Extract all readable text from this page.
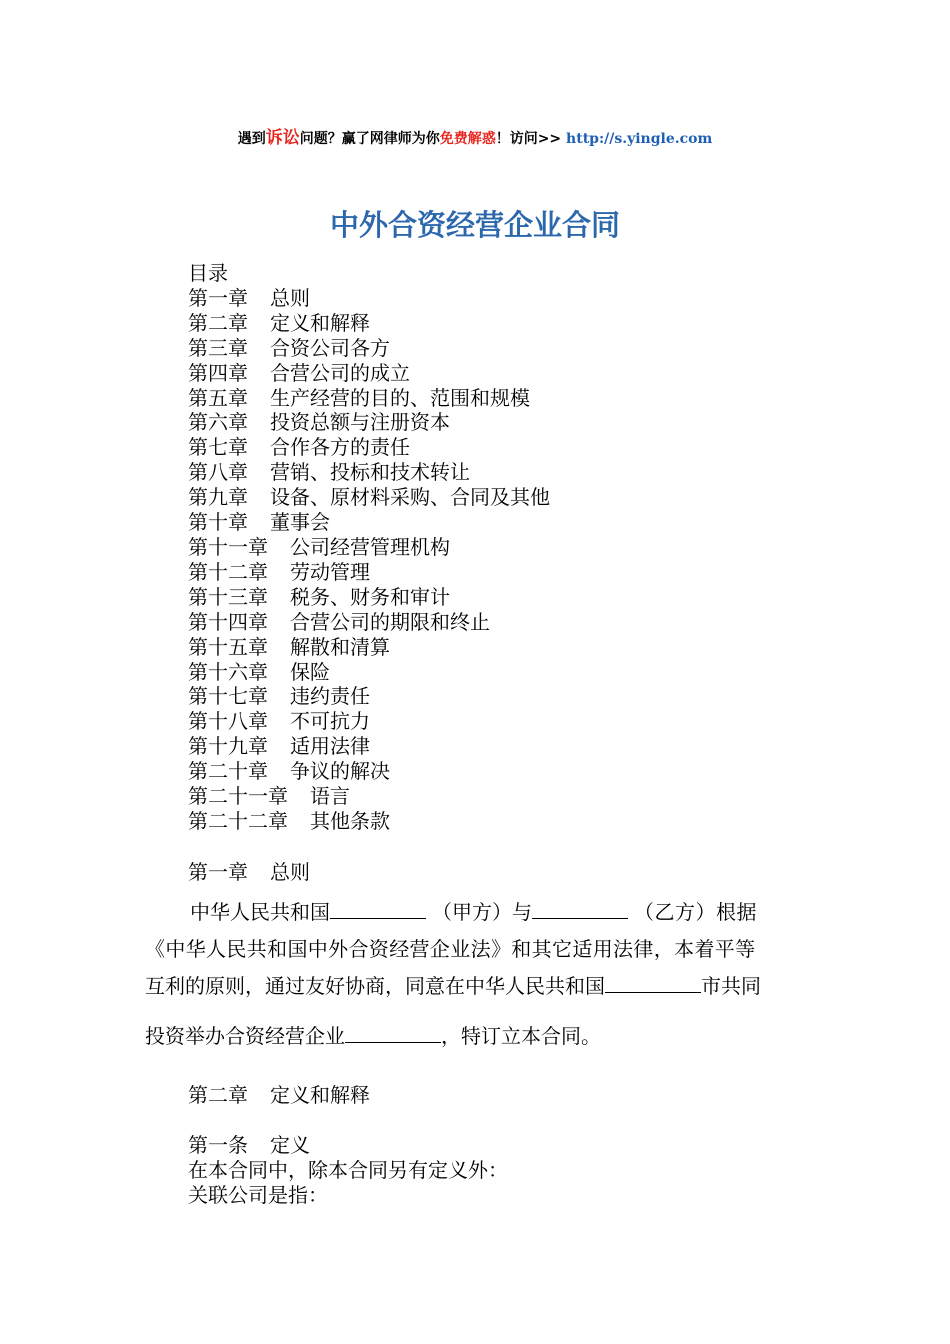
遇到诉讼问题？赢了网律师为你免费解惑！访问>> http://s.yingle.com
中外合资经营企业合同
目录
第一章 总则
第二章 定义和解释
第三章 合资公司各方
第四章 合营公司的成立
第五章 生产经营的目的、范围和规模
第六章 投资总额与注册资本
第七章 合作各方的责任
第八章 营销、投标和技术转让
第九章 设备、原材料采购、合同及其他
第十章 董事会
第十一章 公司经营管理机构
第十二章 劳动管理
第十三章 税务、财务和审计
第十四章 合营公司的期限和终止
第十五章 解散和清算
第十六章 保险
第十七章 违约责任
第十八章 不可抗力
第十九章 适用法律
第二十章 争议的解决
第二十一章 语言
第二十二章 其他条款
第一章 总则
中华人民共和国	（甲方）与	（乙方）根据
《中华人民共和国中外合资经营企业法》和其它适用法律，本着平等
互利的原则，通过友好协商，同意在中华人民共和国	市共同
投资举办合资经营企业	，特订立本合同。
第二章 定义和解释
第一条 定义
在本合同中，除本合同另有定义外：
关联公司是指：
